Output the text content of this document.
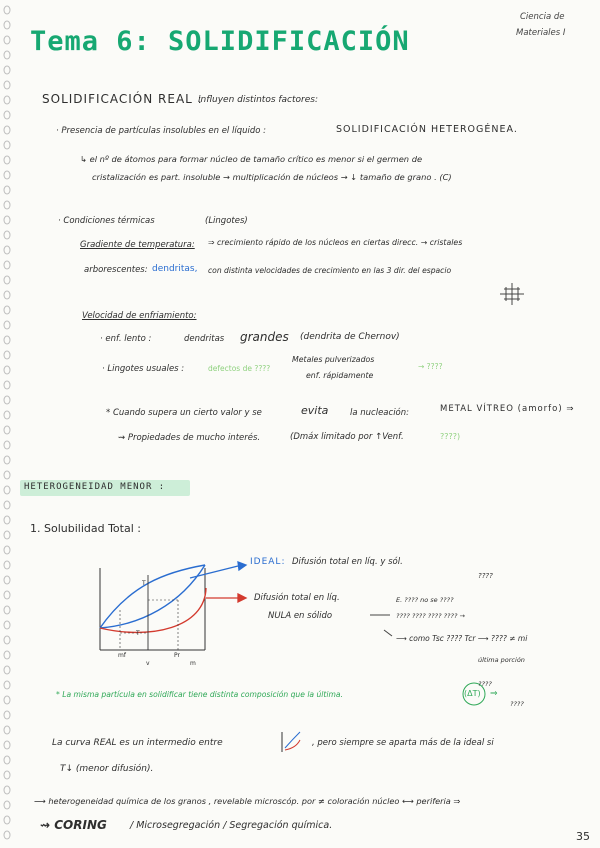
Tema 6: SOLIDIFICACIÓN
Ciencia de
Materiales I
SOLIDIFICACIÓN REAL :
influyen distintos factores:
· Presencia de partículas insolubles en el líquido :	SOLIDIFICACIÓN HETEROGÉNEA.
↳ el nº de átomos para formar núcleo de tamaño crítico es menor si el germen de
cristalización es part. insoluble → multiplicación de núcleos → ↓ tamaño de grano . (C)
· Condiciones térmicas	(Lingotes)
Gradiente de temperatura: ⇒ crecimiento rápido de los núcleos en ciertas direcc. → cristales
arborescentes: dendritas, con distinta velocidades de crecimiento en las 3 dir. del espacio
Velocidad de enfriamiento:
· enf. lento :	dendritas grandes (dendrita de Chernov)
· Lingotes usuales :	defectos de ????
Metales pulverizados
enf. rápidamente
→ ????
* Cuando supera un cierto valor y se	evita	la nucleación:	METAL VÍTREO (amorfo) ⇒
⇝ Propiedades de mucho interés.	(Dmáx limitado por ↑Venf.	????)
HETEROGENEIDAD MENOR :
1. Solubilidad Total :
T
T
mf
v
Pr
m
IDEAL: Difusión total en líq. y sól.
Difusión total en líq.
NULA en sólido
????
E. ???? no se ????
???? ???? ???? ???? →
⟶ como Tsc ???? Tcr ⟶ ???? ≠ mi
última porción
????
????
* La misma partícula en solidificar tiene distinta composición que la última.	(ΔT) ⇒
La curva REAL es un intermedio entre	, pero siempre se aparta más de la ideal si
T↓ (menor difusión).
⟶ heterogeneidad química de los granos , revelable microscóp. por ≠ coloración núcleo ⟷ periferia ⇒
⇝ CORING / Microsegregación / Segregación química.
35
